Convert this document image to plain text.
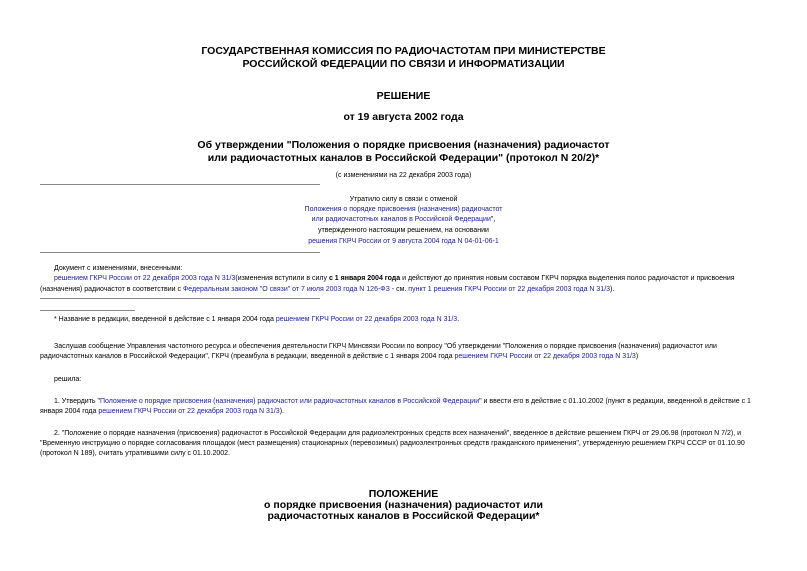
ГОСУДАРСТВЕННАЯ КОМИССИЯ ПО РАДИОЧАСТОТАМ ПРИ МИНИСТЕРСТВЕ
РОССИЙСКОЙ ФЕДЕРАЦИИ ПО СВЯЗИ И ИНФОРМАТИЗАЦИИ
РЕШЕНИЕ
от 19 августа 2002 года
Об утверждении "Положения о порядке присвоения (назначения) радиочастот
или радиочастотных каналов в Российской Федерации" (протокол N 20/2)*
(с изменениями на 22 декабря 2003 года)
Утратило силу в связи с отменой
Положения о порядке присвоения (назначения) радиочастот
или радиочастотных каналов в Российской Федерации",
утвержденного настоящим решением, на основании
решения ГКРЧ России от 9 августа 2004 года N 04-01-06-1
Документ с изменениями, внесенными:
решением ГКРЧ России от 22 декабря 2003 года N 31/3(изменения вступили в силу с 1 января 2004 года и действуют до принятия новым составом ГКРЧ порядка выделения полос радиочастот и присвоения
(назначения) радиочастот в соответствии с Федеральным законом "О связи" от 7 июля 2003 года N 126-ФЗ - см. пункт 1 решения ГКРЧ России от 22 декабря 2003 года N 31/3).
* Название в редакции, введенной в действие с 1 января 2004 года решением ГКРЧ России от 22 декабря 2003 года N 31/3.
Заслушав сообщение Управления частотного ресурса и обеспечения деятельности ГКРЧ Минсвязи России по вопросу "Об утверждении "Положения о порядке присвоения (назначения) радиочастот или
радиочастотных каналов в Российской Федерации", ГКРЧ (преамбула в редакции, введенной в действие с 1 января 2004 года решением ГКРЧ России от 22 декабря 2003 года N 31/3)
решила:
1. Утвердить "Положение о порядке присвоения (назначения) радиочастот или радиочастотных каналов в Российской Федерации" и ввести его в действие с 01.10.2002 (пункт в редакции, введенной в действие с 1
января 2004 года решением ГКРЧ России от 22 декабря 2003 года N 31/3).
2. "Положение о порядке назначения (присвоения) радиочастот в Российской Федерации для радиоэлектронных средств всех назначений", введенное в действие решением ГКРЧ от 29.06.98 (протокол N 7/2), и
"Временную инструкцию о порядке согласования площадок (мест размещения) стационарных (перевозимых) радиоэлектронных средств гражданского применения", утвержденную решением ГКРЧ СССР от 01.10.90
(протокол N 189), считать утратившими силу с 01.10.2002.
ПОЛОЖЕНИЕ
о порядке присвоения (назначения) радиочастот или
радиочастотных каналов в Российской Федерации*
